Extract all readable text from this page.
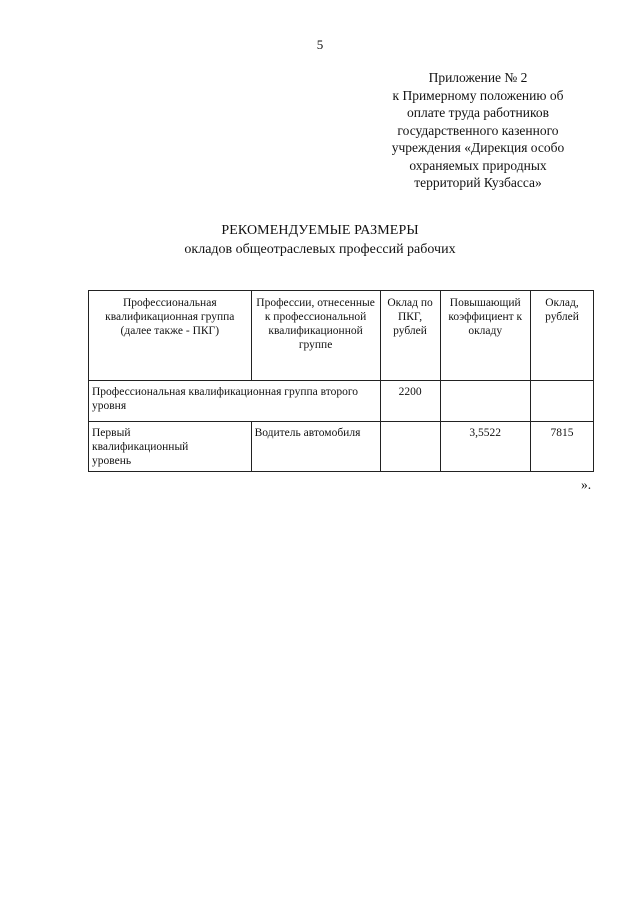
5
Приложение № 2
к Примерному положению об
оплате труда работников
государственного казенного
учреждения «Дирекция особо
охраняемых природных
территорий Кузбасса»
РЕКОМЕНДУЕМЫЕ РАЗМЕРЫ
окладов общеотраслевых профессий рабочих
Профессиональная квалификационная группа (далее также - ПКГ)	Профессии, отнесенные к профессиональной квалификационной группе	Оклад по ПКГ, рублей	Повышающий коэффициент к окладу	Оклад, рублей
Профессиональная квалификационная группа второго уровня		2200		
Первый
квалификационный
уровень	Водитель автомобиля		3,5522	7815
».
